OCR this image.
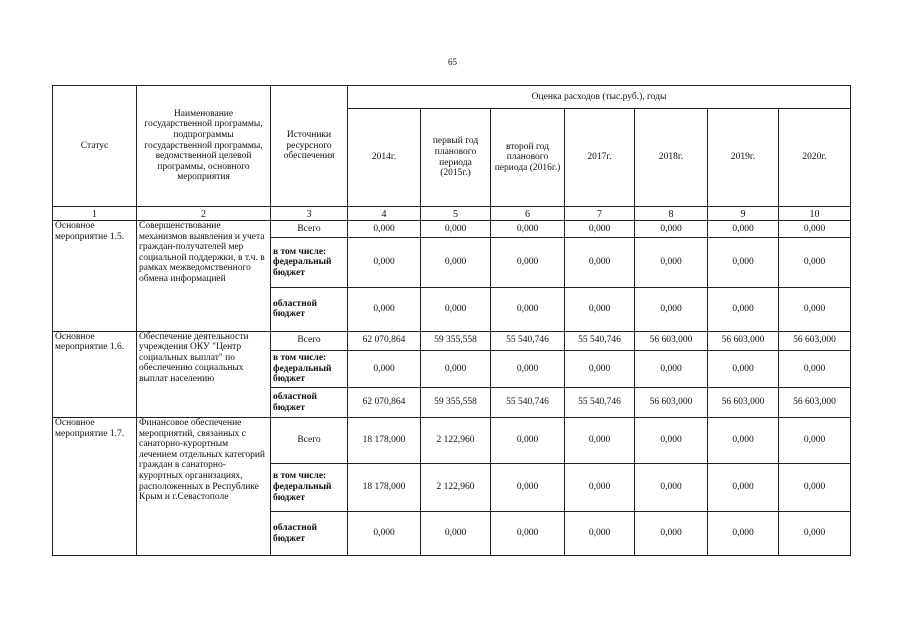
65
Статус	Наименование государственной программы, подпрограммы государственной программы, ведомственной целевой программы, основного мероприятия	Источники ресурсного обеспечения	Оценка расходов (тыс.руб.), годы						
			2014г.	первый год планового периода (2015г.)	второй год планового периода (2016г.)	2017г.	2018г.	2019г.	2020г.
1	2	3	4	5	6	7	8	9	10
Основное мероприятие 1.5.	Совершенствование механизмов выявления и учета граждан-получателей мер социальной поддержки, в т.ч. в рамках межведомственного обмена информацией	Всего	0,000	0,000	0,000	0,000	0,000	0,000	0,000
		в том числе: федеральный бюджет	0,000	0,000	0,000	0,000	0,000	0,000	0,000
		областной бюджет	0,000	0,000	0,000	0,000	0,000	0,000	0,000
Основное мероприятие 1.6.	Обеспечение деятельности учреждения ОКУ "Центр социальных выплат" по обеспечению социальных выплат населению	Всего	62 070,864	59 355,558	55 540,746	55 540,746	56 603,000	56 603,000	56 603,000
		в том числе: федеральный бюджет	0,000	0,000	0,000	0,000	0,000	0,000	0,000
		областной бюджет	62 070,864	59 355,558	55 540,746	55 540,746	56 603,000	56 603,000	56 603,000
Основное мероприятие 1.7.	Финансовое обеспечение мероприятий, связанных с санаторно-курортным лечением отдельных категорий граждан в санаторно-курортных организациях, расположенных в Республике Крым и г.Севастополе	Всего	18 178,000	2 122,960	0,000	0,000	0,000	0,000	0,000
		в том числе: федеральный бюджет	18 178,000	2 122,960	0,000	0,000	0,000	0,000	0,000
		областной бюджет	0,000	0,000	0,000	0,000	0,000	0,000	0,000
